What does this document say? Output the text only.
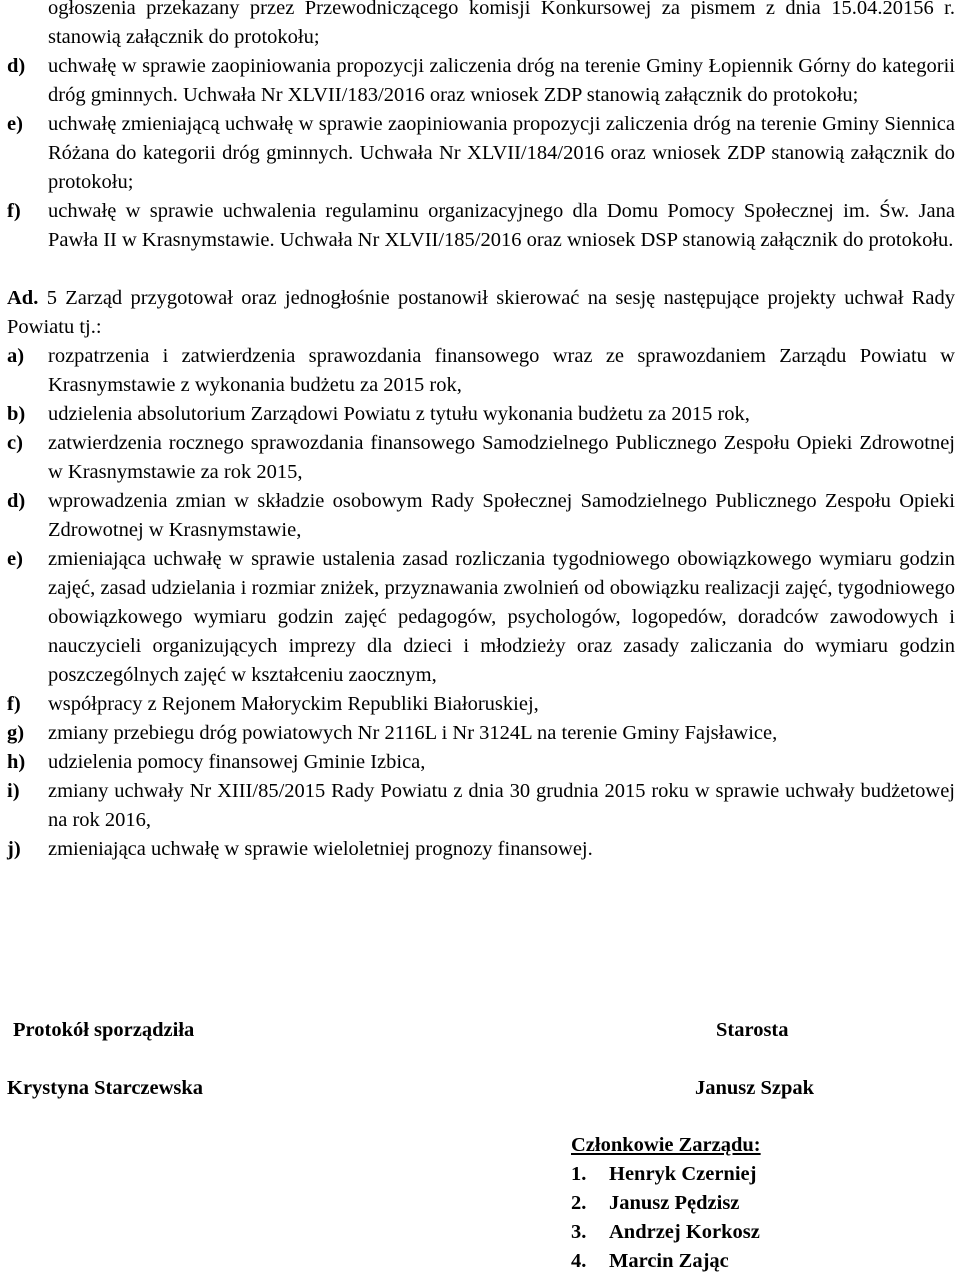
ogłoszenia przekazany przez Przewodniczącego komisji Konkursowej za pismem z dnia 15.04.20156 r. stanowią załącznik do protokołu;
d)	uchwałę w sprawie zaopiniowania propozycji zaliczenia dróg na terenie Gminy Łopiennik Górny do kategorii dróg gminnych. Uchwała Nr XLVII/183/2016 oraz wniosek ZDP stanowią załącznik do protokołu;
e)	uchwałę zmieniającą uchwałę w sprawie zaopiniowania propozycji zaliczenia dróg na terenie Gminy Siennica Różana do kategorii dróg gminnych. Uchwała Nr XLVII/184/2016 oraz wniosek ZDP stanowią załącznik do protokołu;
f)	uchwałę w sprawie uchwalenia regulaminu organizacyjnego dla Domu Pomocy Społecznej im. Św. Jana Pawła II w Krasnymstawie. Uchwała Nr XLVII/185/2016 oraz wniosek DSP stanowią załącznik do protokołu.
Ad. 5 Zarząd przygotował oraz jednogłośnie postanowił skierować na sesję następujące projekty uchwał Rady Powiatu tj.:
a)	rozpatrzenia i zatwierdzenia sprawozdania finansowego wraz ze sprawozdaniem Zarządu Powiatu w Krasnymstawie z wykonania budżetu za 2015 rok,
b)	udzielenia absolutorium Zarządowi Powiatu z tytułu wykonania budżetu za 2015 rok,
c)	zatwierdzenia rocznego sprawozdania finansowego Samodzielnego Publicznego Zespołu Opieki Zdrowotnej w Krasnymstawie za rok 2015,
d)	wprowadzenia zmian w składzie osobowym Rady Społecznej Samodzielnego Publicznego Zespołu Opieki Zdrowotnej w Krasnymstawie,
e)	zmieniająca uchwałę w sprawie ustalenia zasad rozliczania tygodniowego obowiązkowego wymiaru godzin zajęć, zasad udzielania i rozmiar zniżek, przyznawania zwolnień od obowiązku realizacji zajęć, tygodniowego obowiązkowego wymiaru godzin zajęć pedagogów, psychologów, logopedów, doradców zawodowych i nauczycieli organizujących imprezy dla dzieci i młodzieży oraz zasady zaliczania do wymiaru godzin poszczególnych zajęć w kształceniu zaocznym,
f)	współpracy z Rejonem Małoryckim Republiki Białoruskiej,
g)	zmiany przebiegu dróg powiatowych Nr 2116L i Nr 3124L na terenie Gminy Fajsławice,
h)	udzielenia pomocy finansowej Gminie Izbica,
i)	zmiany uchwały Nr XIII/85/2015 Rady Powiatu z dnia 30 grudnia 2015 roku w sprawie uchwały budżetowej na rok 2016,
j)	zmieniająca uchwałę w sprawie wieloletniej prognozy finansowej.
Protokół sporządziła
Krystyna Starczewska
Starosta
Janusz Szpak
Członkowie Zarządu:
1.	Henryk Czerniej
2.	Janusz Pędzisz
3.	Andrzej Korkosz
4.	Marcin Zając
